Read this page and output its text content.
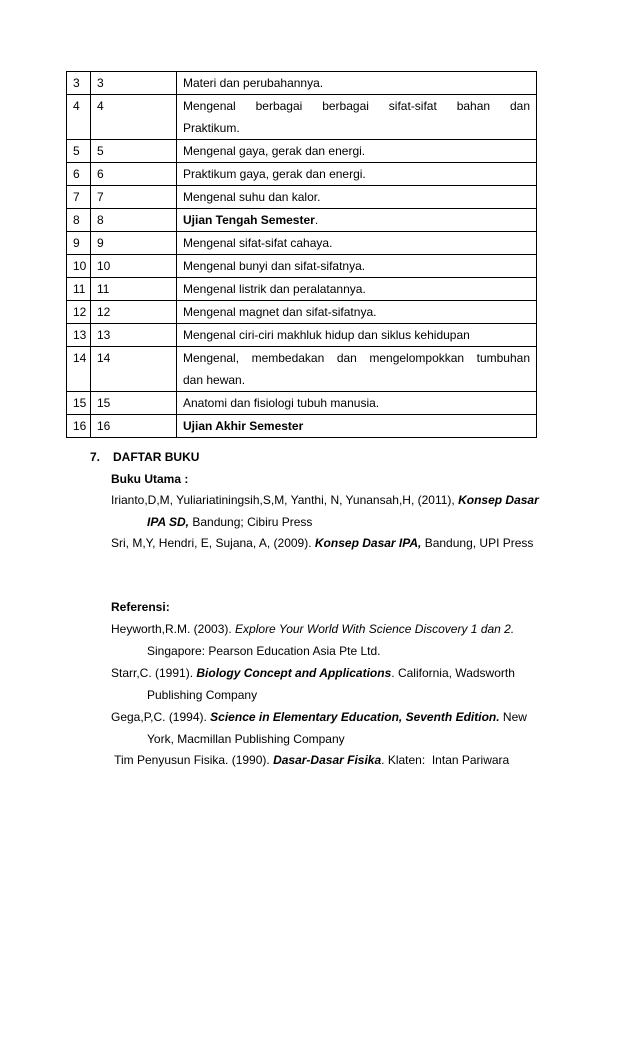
3	3	Materi dan perubahannya.
4	4	Mengenal berbagai berbagai sifat-sifat bahan dan
Praktikum.
5	5	Mengenal gaya, gerak dan energi.
6	6	Praktikum gaya, gerak dan energi.
7	7	Mengenal suhu dan kalor.
8	8	Ujian Tengah Semester.
9	9	Mengenal sifat-sifat cahaya.
10	10	Mengenal bunyi dan sifat-sifatnya.
11	11	Mengenal listrik dan peralatannya.
12	12	Mengenal magnet dan sifat-sifatnya.
13	13	Mengenal ciri-ciri makhluk hidup dan siklus kehidupan
14	14	Mengenal, membedakan dan mengelompokkan tumbuhan
dan hewan.
15	15	Anatomi dan fisiologi tubuh manusia.
16	16	Ujian Akhir Semester
7. DAFTAR BUKU
Buku Utama :
Irianto,D,M, Yuliariatiningsih,S,M, Yanthi, N, Yunansah,H, (2011), Konsep Dasar
IPA SD, Bandung; Cibiru Press
Sri, M,Y, Hendri, E, Sujana, A, (2009). Konsep Dasar IPA, Bandung, UPI Press
Referensi:
Heyworth,R.M. (2003). Explore Your World With Science Discovery 1 dan 2.
Singapore: Pearson Education Asia Pte Ltd.
Starr,C. (1991). Biology Concept and Applications. California, Wadsworth
Publishing Company
Gega,P,C. (1994). Science in Elementary Education, Seventh Edition. New
York, Macmillan Publishing Company
Tim Penyusun Fisika. (1990). Dasar-Dasar Fisika. Klaten:  Intan Pariwara
